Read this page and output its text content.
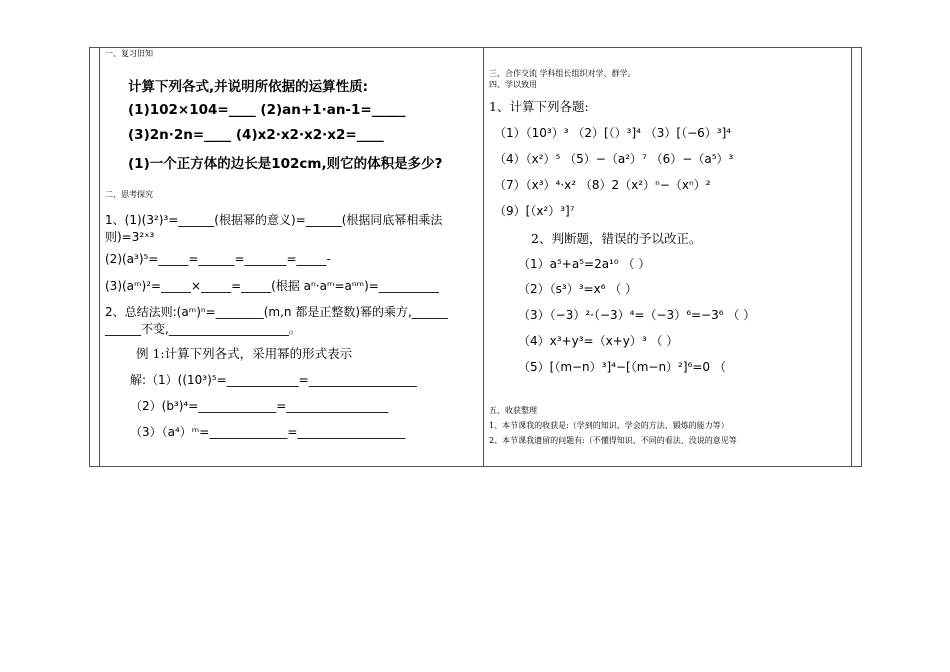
一、复习旧知
计算下列各式,并说明所依据的运算性质:
(1)102×104=____ (2)an+1·an-1=_____
(3)2n·2n=____ (4)x2·x2·x2·x2=____
(1)一个正方体的边长是102cm,则它的体积是多少?
二、思考探究
1、(1)(3²)³=______(根据幂的意义)=______(根据同底幂相乘法
则)=3²ˣ³
(2)(a³)⁵=_____=______=_______=_____-
(3)(aᵐ)²=_____×_____=_____(根据 aⁿ·aᵐ=aⁿᵐ)=__________
2、总结法则:(aᵐ)ⁿ=________(m,n 都是正整数)幂的乘方,______
______不变,____________________。
例 1:计算下列各式，采用幂的形式表示
解:（1）((10³)⁵=____________=__________________
（2）(b³)⁴=_____________=_________________
（3）（a⁴）ᵐ=_____________=__________________
三、合作交流 学科组长组织对学、群学。
四、学以致用
1、计算下列各题:
（1）（10³）³ （2）[（）³]⁴ （3）[（−6）³]⁴
（4）（x²）⁵ （5）−（a²）⁷ （6）−（a⁵）³
（7）（x³）⁴·x² （8）2（x²）ⁿ−（xⁿ）²
（9）[（x²）³]⁷
2、判断题，错误的予以改正。
（1）a⁵+a⁵=2a¹⁰ （ ）
（2）（s³）³=x⁶ （ ）
（3）（−3）²·（−3）⁴=（−3）⁶=−3⁶ （ ）
（4）x³+y³=（x+y）³ （ ）
（5）[（m−n）³]⁴−[（m−n）²]⁶=0 （
五、收获整理
1、本节课我的收获是:（学到的知识、学会的方法、锻炼的能力等）
2、本节课我遗留的问题有:（不懂得知识、不同的看法、没说的意见等
